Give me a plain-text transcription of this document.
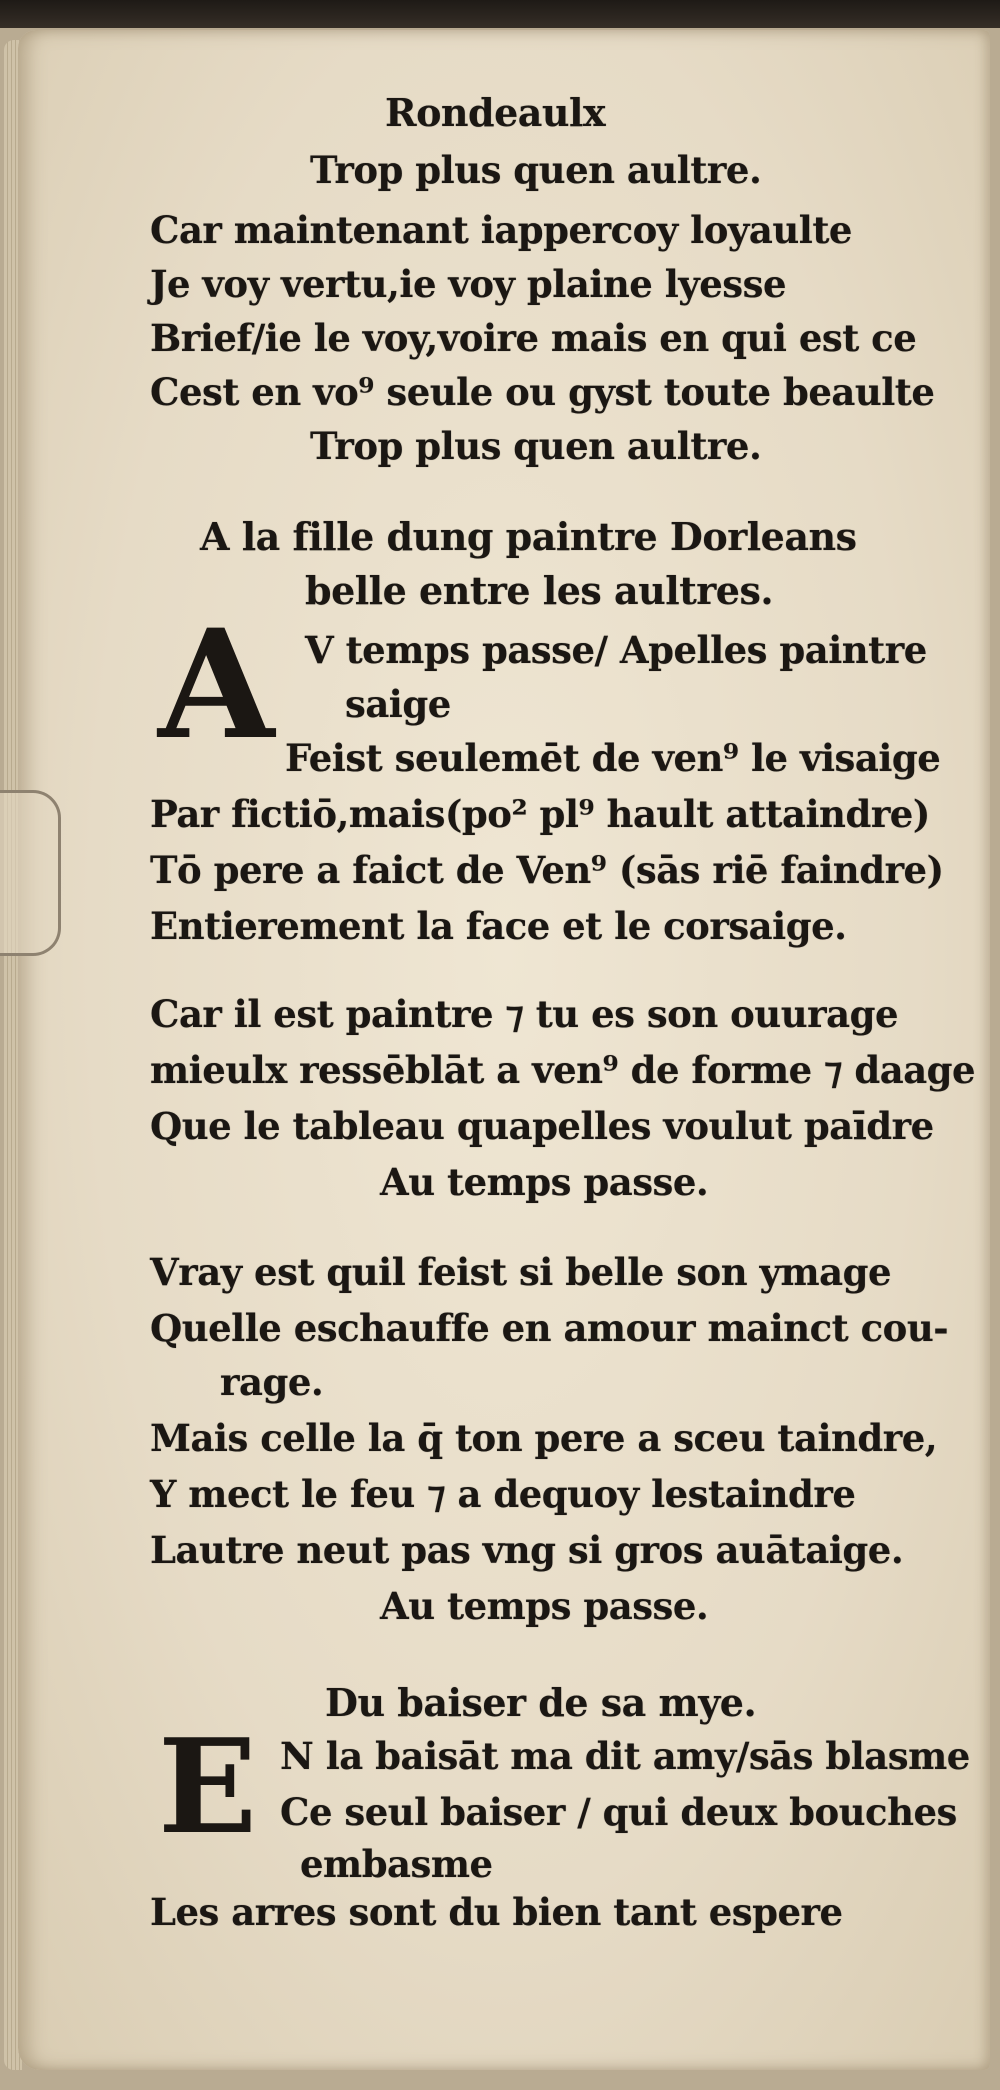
Rondeaulx
Trop plus quen aultre.
Car maintenant iappercoy loyaulte
Je voy vertu,ie voy plaine lyesse
Brief/ie le voy,voire mais en qui est ce
Cest en vo⁹ seule ou gyst toute beaulte
Trop plus quen aultre.
A la fille dung paintre Dorleans
belle entre les aultres.
A V temps passe/ Apelles paintre
saige
Feist seulemēt de ven⁹ le visaige
Par fictiō,mais(po² pl⁹ hault attaindre)
Tō pere a faict de Ven⁹ (sās riē faindre)
Entierement la face et le corsaige.
Car il est paintre ⁊ tu es son ouurage
mieulx ressēblāt a ven⁹ de forme ⁊ daage
Que le tableau quapelles voulut paīdre
Au temps passe.
Vray est quil feist si belle son ymage
Quelle eschauffe en amour mainct cou-
rage.
Mais celle la q̄ ton pere a sceu taindre,
Y mect le feu ⁊ a dequoy lestaindre
Lautre neut pas vng si gros auātaige.
Au temps passe.
Du baiser de sa mye.
E N la baisāt ma dit amy/sās blasme
Ce seul baiser / qui deux bouches
embasme
Les arres sont du bien tant espere
